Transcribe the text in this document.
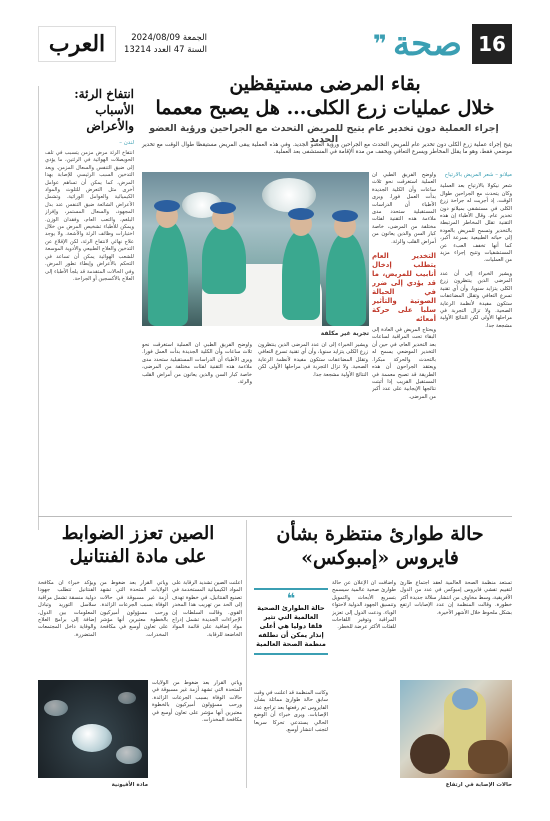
16
صحة
❞
الجمعة 2024/08/09
السنة 47 العدد 13214
العرب
بقاء المرضى مستيقظين
خلال عمليات زرع الكلى... هل يصبح معمما
إجراء العملية دون تخدير عام يتيح للمريض التحدث مع الجراحين ورؤية العضو الجديد
يتيح إجراء عملية زرع الكلى دون تخدير عام للمريض التحدث مع الجراحين ورؤية العضو الجديد. وفي هذه العملية يبقى المريض مستيقظا طوال الوقت مع تخدير موضعي فقط، وهو ما يقلل المخاطر ويسرع التعافي ويخفف من مدة الإقامة في المستشفى بعد العملية.
ميلانو – شعر المريض بالارتياح
شعر نيكولا بالارتياح بعد العملية وكان يتحدث مع الجراحين طوال الوقت، إذ أجريت له جراحة زرع الكلى في مستشفى بميلانو دون تخدير عام. وقال الأطباء إن هذه التقنية تقلل المخاطر المرتبطة بالتخدير وتسمح للمريض بالعودة إلى حياته الطبيعية بسرعة أكبر، كما أنها تخفف العبء عن المستشفيات وتتيح إجراء مزيد من العمليات.
ويشير الخبراء إلى أن عدد المرضى الذين ينتظرون زرع الكلى يتزايد سنويا، وأن أي تقنية تسرع التعافي وتقلل المضاعفات ستكون مفيدة لأنظمة الرعاية الصحية. ولا تزال التجربة في مراحلها الأولى لكن النتائج الأولية مشجعة جدا.
وأوضح الفريق الطبي أن العملية استغرقت نحو ثلاث ساعات وأن الكلية الجديدة بدأت العمل فورا. ويرى الأطباء أن الدراسات المستقبلية ستحدد مدى ملاءمة هذه التقنية لفئات مختلفة من المرضى، خاصة كبار السن والذين يعانون من أمراض القلب والرئة.
التخدير العام يتطلب إدخال أنابيب للمريض، ما قد يؤدي إلى ضرر في الحبالة الصوتية والتأثير سلبا على حركة أمعائه
ويحتاج المريض في العادة إلى البقاء تحت المراقبة لساعات بعد التخدير العام، في حين أن التخدير الموضعي يسمح له بالتحدث والحركة مبكرا. ويعتقد الجراحون أن هذه الطريقة قد تصبح معممة في المستقبل القريب إذا أثبتت نتائجها الإيجابية على عدد أكبر من المرضى.
تجربة غير مكلفة
وأوضح الفريق الطبي أن العملية استغرقت نحو ثلاث ساعات وأن الكلية الجديدة بدأت العمل فورا. ويرى الأطباء أن الدراسات المستقبلية ستحدد مدى ملاءمة هذه التقنية لفئات مختلفة من المرضى، خاصة كبار السن والذين يعانون من أمراض القلب والرئة.
ويشير الخبراء إلى أن عدد المرضى الذين ينتظرون زرع الكلى يتزايد سنويا، وأن أي تقنية تسرع التعافي وتقلل المضاعفات ستكون مفيدة لأنظمة الرعاية الصحية. ولا تزال التجربة في مراحلها الأولى لكن النتائج الأولية مشجعة جدا.
انتفاخ الرئة: الأسباب والأعراض
لندن –
انتفاخ الرئة مرض مزمن يتسبب في تلف الحويصلات الهوائية في الرئتين، ما يؤدي إلى ضيق التنفس والسعال المزمن. ويعد التدخين السبب الرئيسي للإصابة بهذا المرض، كما يمكن أن تساهم عوامل أخرى مثل التعرض للتلوث والمواد الكيميائية والعوامل الوراثية. وتشمل الأعراض الشائعة ضيق التنفس عند بذل المجهود، والسعال المستمر، وإفراز البلغم، والتعب العام، وفقدان الوزن. ويمكن للأطباء تشخيص المرض من خلال اختبارات وظائف الرئة والأشعة. ولا يوجد علاج نهائي لانتفاخ الرئة، لكن الإقلاع عن التدخين والعلاج الطبيعي والأدوية الموسعة للشعب الهوائية يمكن أن تساعد في التحكم بالأعراض وإبطاء تطور المرض. وفي الحالات المتقدمة قد يلجأ الأطباء إلى العلاج بالأكسجين أو الجراحة.
حالة طوارئ منتظرة بشأن
فايروس «إمبوكس»
تستعد منظمة الصحة العالمية لعقد اجتماع طارئ لتقييم تفشي فايروس إمبوكس في عدد من الدول الأفريقية، وسط مخاوف من انتشار سلالة جديدة أكثر خطورة. وقالت المنظمة إن عدد الإصابات ارتفع بشكل ملحوظ خلال الأشهر الأخيرة.
وأضافت أن الإعلان عن حالة طوارئ صحية عالمية سيسمح بتسريع الأبحاث والتمويل وتنسيق الجهود الدولية لاحتواء الوباء. ودعت الدول إلى تعزيز المراقبة وتوفير اللقاحات للفئات الأكثر عرضة للخطر.
❝
حالة الطوارئ الصحية العالمية التي تثير قلقا دوليا هي أعلى إنذار يمكن أن تطلقه منظمة الصحة العالمية
وكانت المنظمة قد أعلنت في وقت سابق حالة طوارئ مماثلة بشأن الفايروس ثم رفعتها بعد تراجع عدد الإصابات. ويرى خبراء أن الوضع الحالي يستدعي تحركا سريعا لتجنب انتشار أوسع.
حالات الإصابة في ارتفاع
الصين تعزز الضوابط
على مادة الفنتانيل
أعلنت الصين تشديد الرقابة على المواد الكيميائية المستخدمة في تصنيع الفنتانيل، في خطوة تهدف إلى الحد من تهريب هذا المخدر القوي. وقالت السلطات إن الإجراءات الجديدة تشمل إدراج مواد إضافية على قائمة المواد الخاضعة للرقابة.
ويأتي القرار بعد ضغوط من الولايات المتحدة التي تشهد أزمة غير مسبوقة في حالات الوفاة بسبب الجرعات الزائدة. ورحب مسؤولون أميركيون بالخطوة معتبرين أنها مؤشر على تعاون أوسع في مكافحة المخدرات.
ويؤكد خبراء أن مكافحة الفنتانيل تتطلب جهودا دولية منسقة تشمل مراقبة سلاسل التوريد وتبادل المعلومات بين الدول، إضافة إلى برامج العلاج والوقاية داخل المجتمعات المتضررة.
مادة الأفيونية
ويأتي القرار بعد ضغوط من الولايات المتحدة التي تشهد أزمة غير مسبوقة في حالات الوفاة بسبب الجرعات الزائدة. ورحب مسؤولون أميركيون بالخطوة معتبرين أنها مؤشر على تعاون أوسع في مكافحة المخدرات.
